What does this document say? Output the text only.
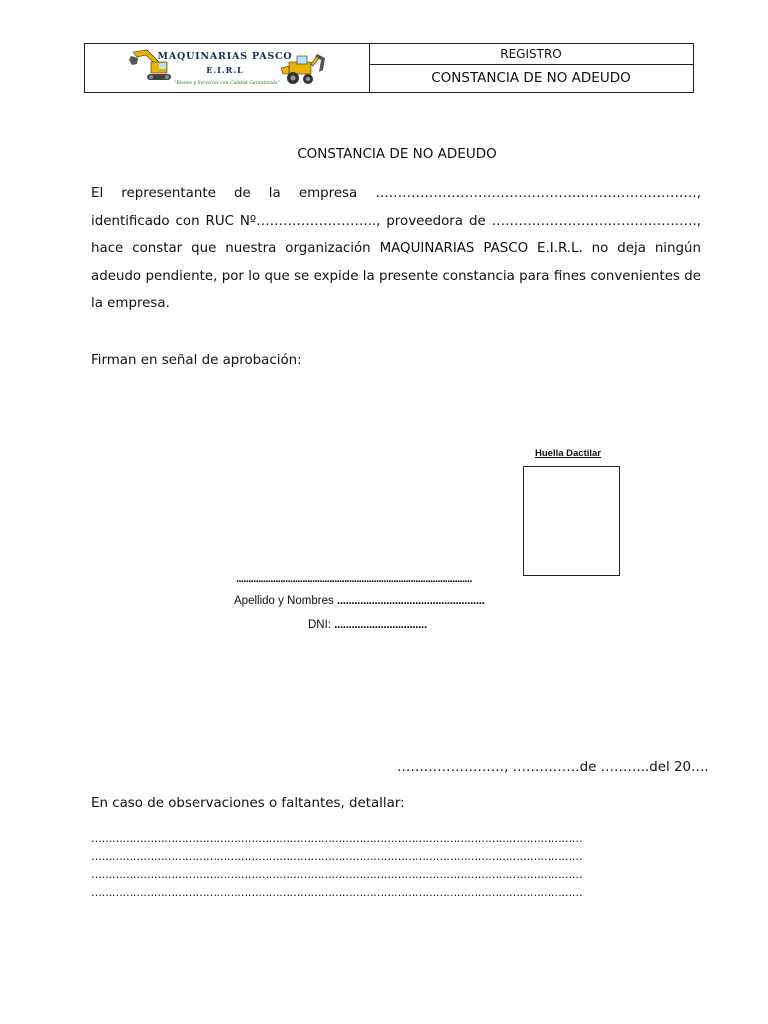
MAQUINARIAS PASCO
E.I.R.L
"Bienes y Servicios con Calidad Garantizada"
REGISTRO
CONSTANCIA DE NO ADEUDO
CONSTANCIA DE NO ADEUDO

El representante de la empresa ………………………………………………………………, identificado con RUC Nº……………………..., proveedora de ………………………………………., hace constar que nuestra organización MAQUINARIAS PASCO E.I.R.L. no deja ningún adeudo pendiente, por lo que se expide la presente constancia para fines convenientes de la empresa.

Firman en señal de aprobación:
Huella Dactilar
................................................................................................
Apellido y Nombres ...................................................
DNI: ................................
……………………, ……………de ………..del 20….
En caso de observaciones o faltantes, detallar:
……………………………………………………………………………………………………………………………
……………………………………………………………………………………………………………………………
……………………………………………………………………………………………………………………………
……………………………………………………………………………………………………………………………
